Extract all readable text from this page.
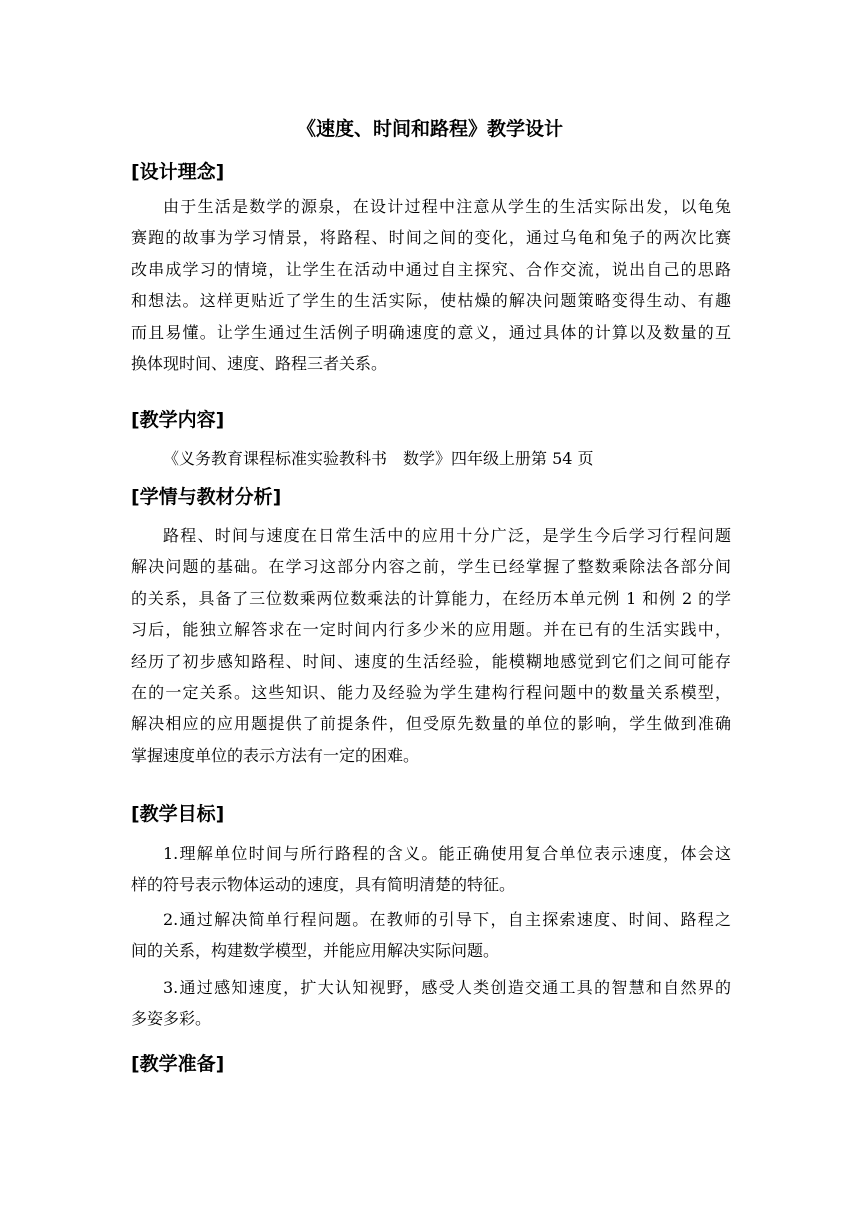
《速度、时间和路程》教学设计
[设计理念]
由于生活是数学的源泉，在设计过程中注意从学生的生活实际出发，以龟兔
赛跑的故事为学习情景，将路程、时间之间的变化，通过乌龟和兔子的两次比赛
改串成学习的情境，让学生在活动中通过自主探究、合作交流，说出自己的思路
和想法。这样更贴近了学生的生活实际，使枯燥的解决问题策略变得生动、有趣
而且易懂。让学生通过生活例子明确速度的意义，通过具体的计算以及数量的互
换体现时间、速度、路程三者关系。
[教学内容]
《义务教育课程标准实验教科书　数学》四年级上册第 54 页
[学情与教材分析]
路程、时间与速度在日常生活中的应用十分广泛，是学生今后学习行程问题
解决问题的基础。在学习这部分内容之前，学生已经掌握了整数乘除法各部分间
的关系，具备了三位数乘两位数乘法的计算能力，在经历本单元例 1 和例 2 的学
习后，能独立解答求在一定时间内行多少米的应用题。并在已有的生活实践中，
经历了初步感知路程、时间、速度的生活经验，能模糊地感觉到它们之间可能存
在的一定关系。这些知识、能力及经验为学生建构行程问题中的数量关系模型，
解决相应的应用题提供了前提条件，但受原先数量的单位的影响，学生做到准确
掌握速度单位的表示方法有一定的困难。
[教学目标]
1.理解单位时间与所行路程的含义。能正确使用复合单位表示速度，体会这
样的符号表示物体运动的速度，具有简明清楚的特征。
2.通过解决简单行程问题。在教师的引导下，自主探索速度、时间、路程之
间的关系，构建数学模型，并能应用解决实际问题。
3.通过感知速度，扩大认知视野，感受人类创造交通工具的智慧和自然界的
多姿多彩。
[教学准备]
